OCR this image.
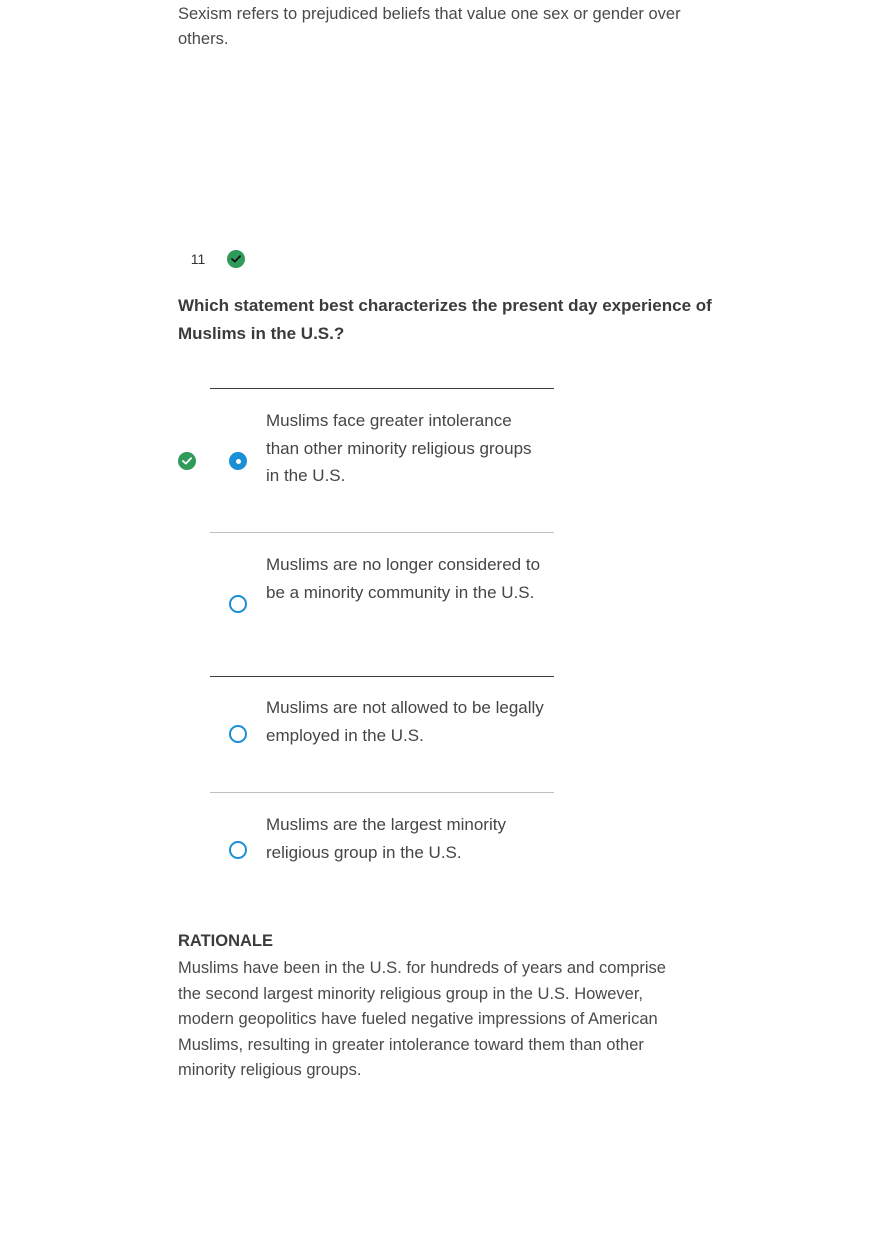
Sexism refers to prejudiced beliefs that value one sex or gender over others.
11
Which statement best characterizes the present day experience of Muslims in the U.S.?
Muslims face greater intolerance than other minority religious groups in the U.S.
Muslims are no longer considered to be a minority community in the U.S.
Muslims are not allowed to be legally employed in the U.S.
Muslims are the largest minority religious group in the U.S.
RATIONALE
Muslims have been in the U.S. for hundreds of years and comprise the second largest minority religious group in the U.S. However, modern geopolitics have fueled negative impressions of American Muslims, resulting in greater intolerance toward them than other minority religious groups.
